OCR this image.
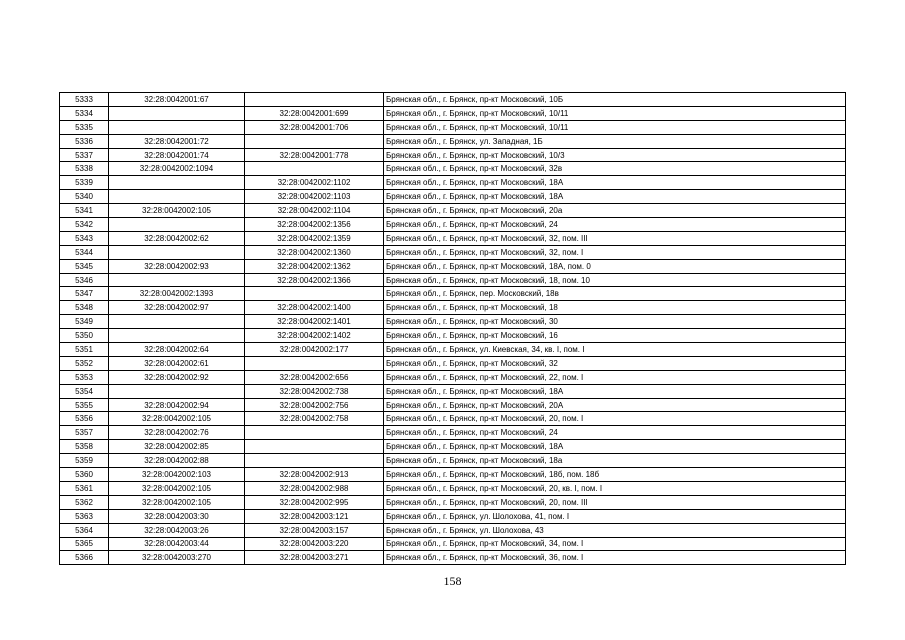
5333	32:28:0042001:67		Брянская обл., г. Брянск, пр-кт Московский, 10Б
5334		32:28:0042001:699	Брянская обл., г. Брянск, пр-кт Московский, 10/11
5335		32:28:0042001:706	Брянская обл., г. Брянск, пр-кт Московский, 10/11
5336	32:28:0042001:72		Брянская обл., г. Брянск, ул. Западная, 1Б
5337	32:28:0042001:74	32:28:0042001:778	Брянская обл., г. Брянск, пр-кт Московский, 10/3
5338	32:28:0042002:1094		Брянская обл., г. Брянск, пр-кт Московский, 32в
5339		32:28:0042002:1102	Брянская обл., г. Брянск, пр-кт Московский, 18А
5340		32:28:0042002:1103	Брянская обл., г. Брянск, пр-кт Московский, 18А
5341	32:28:0042002:105	32:28:0042002:1104	Брянская обл., г. Брянск, пр-кт Московский, 20а
5342		32:28:0042002:1356	Брянская обл., г. Брянск, пр-кт Московский, 24
5343	32:28:0042002:62	32:28:0042002:1359	Брянская обл., г. Брянск, пр-кт Московский, 32, пом. III
5344		32:28:0042002:1360	Брянская обл., г. Брянск, пр-кт Московский, 32, пом. I
5345	32:28:0042002:93	32:28:0042002:1362	Брянская обл., г. Брянск, пр-кт Московский, 18А, пом. 0
5346		32:28:0042002:1366	Брянская обл., г. Брянск, пр-кт Московский, 18, пом. 10
5347	32:28:0042002:1393		Брянская обл., г. Брянск, пер. Московский, 18в
5348	32:28:0042002:97	32:28:0042002:1400	Брянская обл., г. Брянск, пр-кт Московский, 18
5349		32:28:0042002:1401	Брянская обл., г. Брянск, пр-кт Московский, 30
5350		32:28:0042002:1402	Брянская обл., г. Брянск, пр-кт Московский, 16
5351	32:28:0042002:64	32:28:0042002:177	Брянская обл., г. Брянск, ул. Киевская, 34, кв. I, пом. I
5352	32:28:0042002:61		Брянская обл., г. Брянск, пр-кт Московский, 32
5353	32:28:0042002:92	32:28:0042002:656	Брянская обл., г. Брянск, пр-кт Московский, 22, пом. I
5354		32:28:0042002:738	Брянская обл., г. Брянск, пр-кт Московский, 18А
5355	32:28:0042002:94	32:28:0042002:756	Брянская обл., г. Брянск, пр-кт Московский, 20А
5356	32:28:0042002:105	32:28:0042002:758	Брянская обл., г. Брянск, пр-кт Московский, 20, пом. I
5357	32:28:0042002:76		Брянская обл., г. Брянск, пр-кт Московский, 24
5358	32:28:0042002:85		Брянская обл., г. Брянск, пр-кт Московский, 18А
5359	32:28:0042002:88		Брянская обл., г. Брянск, пр-кт Московский, 18а
5360	32:28:0042002:103	32:28:0042002:913	Брянская обл., г. Брянск, пр-кт Московский, 18б, пом. 18б
5361	32:28:0042002:105	32:28:0042002:988	Брянская обл., г. Брянск, пр-кт Московский, 20, кв. I, пом. I
5362	32:28:0042002:105	32:28:0042002:995	Брянская обл., г. Брянск, пр-кт Московский, 20, пом. III
5363	32:28:0042003:30	32:28:0042003:121	Брянская обл., г. Брянск, ул. Шолохова, 41, пом. I
5364	32:28:0042003:26	32:28:0042003:157	Брянская обл., г. Брянск, ул. Шолохова, 43
5365	32:28:0042003:44	32:28:0042003:220	Брянская обл., г. Брянск, пр-кт Московский, 34, пом. I
5366	32:28:0042003:270	32:28:0042003:271	Брянская обл., г. Брянск, пр-кт Московский, 36, пом. I
158
